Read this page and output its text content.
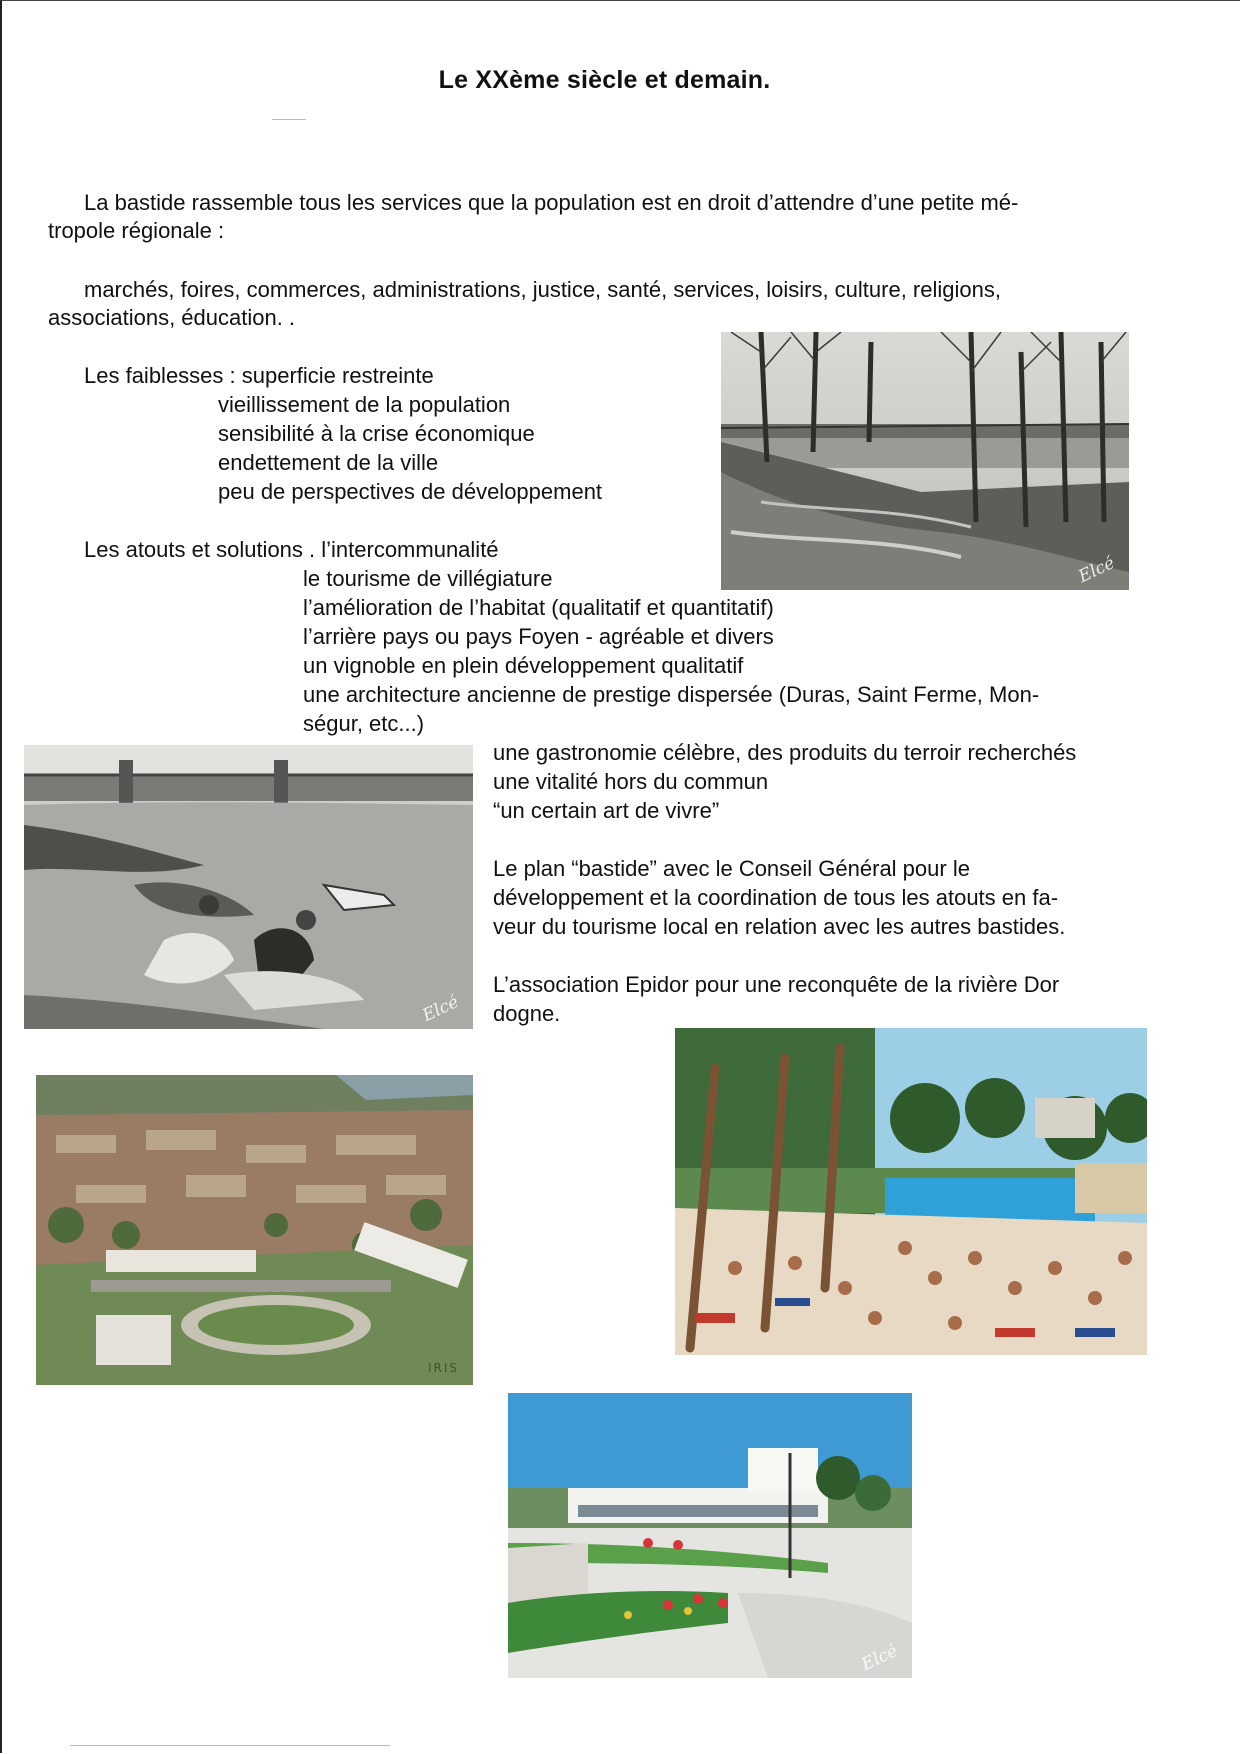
Le XXème siècle et demain.
La bastide rassemble tous les services que la population est en droit d’attendre d’une petite mé-
tropole régionale :
marchés, foires, commerces, administrations, justice, santé, services, loisirs, culture, religions,
associations, éducation. .
Les faiblesses : superficie restreinte
vieillissement de la population
sensibilité à la crise économique
endettement de la ville
peu de perspectives de développement
Les atouts et solutions . l’intercommunalité
le tourisme de villégiature
l’amélioration de l’habitat (qualitatif et quantitatif)
l’arrière pays ou pays Foyen - agréable et divers
un vignoble en plein développement qualitatif
une architecture ancienne de prestige dispersée (Duras, Saint Ferme, Mon-
ségur, etc...)
une gastronomie célèbre, des produits du terroir recherchés
une vitalité hors du commun
“un certain art de vivre”
Le plan “bastide” avec le Conseil Général pour le
développement et la coordination de tous les atouts en fa-
veur du tourisme local en relation avec les autres bastides.
L’association Epidor pour une reconquête de la rivière Dor
dogne.
Elcé
Elcé
IRIS
Elcé
